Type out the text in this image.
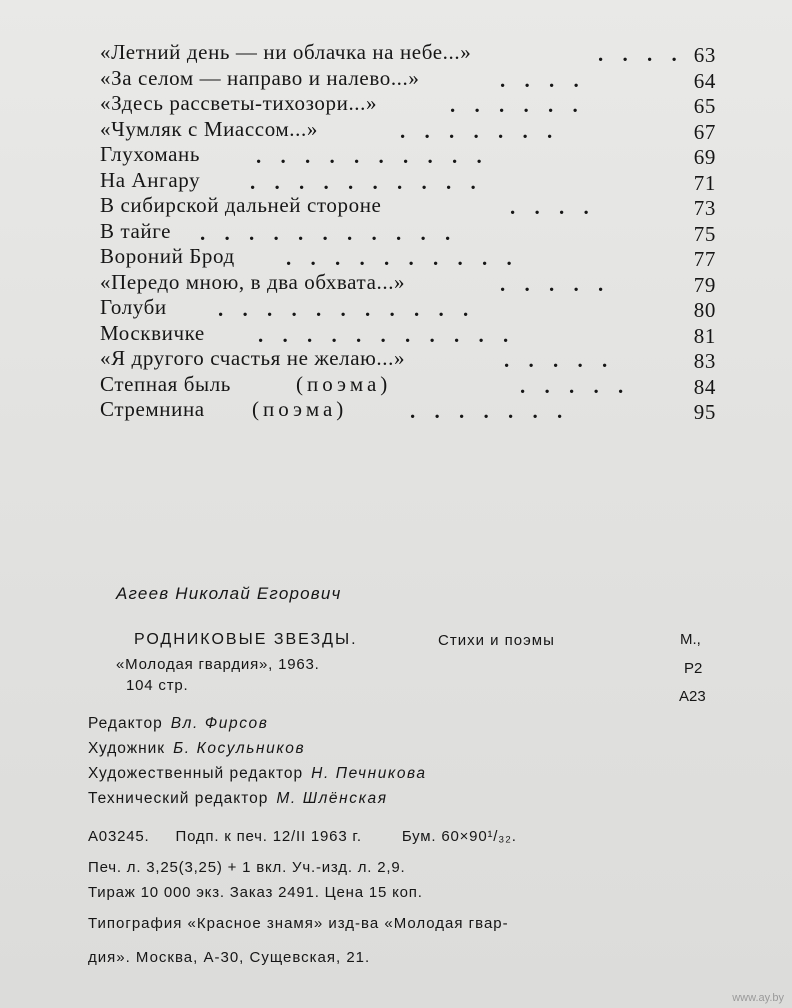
«Летний день — ни облачка на небе...»	. . . . 63
«За селом — направо и налево...»	. . . .	64
«Здесь рассветы-тихозори...»	. . . . . .	65
«Чумляк с Миассом...»	. . . . . . .	67
Глухомань	. . . . . . . . . .	69
На Ангару . . . . . . . . . .	71
В сибирской дальней стороне	. . . .	73
В тайге . . . . . . . . . . .	75
Вороний Брод . . . . . . . . . .	77
«Передо мною, в два обхвата...»	. . . . .	79
Голуби . . . . . . . . . . .	80
Москвичке	. . . . . . . . . . .	81
«Я другого счастья не желаю...»	. . . . .	83
Степная быль	(поэма)	. . . . .	84
Стремнина (поэма)	. . . . . . .	95
Агеев Николай Егорович
РОДНИКОВЫЕ ЗВЕЗДЫ.	Стихи и поэмы	М.,
«Молодая гвардия», 1963.	Р2
104 стр.
А23
Редактор Вл. Фирсов
Художник Б. Косульников
Художественный редактор Н. Печникова
Технический редактор М. Шлёнская
А03245. Подп. к печ. 12/II 1963 г.	Бум. 60×90¹/₃₂.
Печ. л. 3,25(3,25) + 1 вкл. Уч.-изд. л. 2,9.
Тираж 10 000 экз. Заказ 2491. Цена 15 коп.
Типография «Красное знамя» изд-ва «Молодая гвар-
дия». Москва, А-30, Сущевская, 21.
www.ay.by
